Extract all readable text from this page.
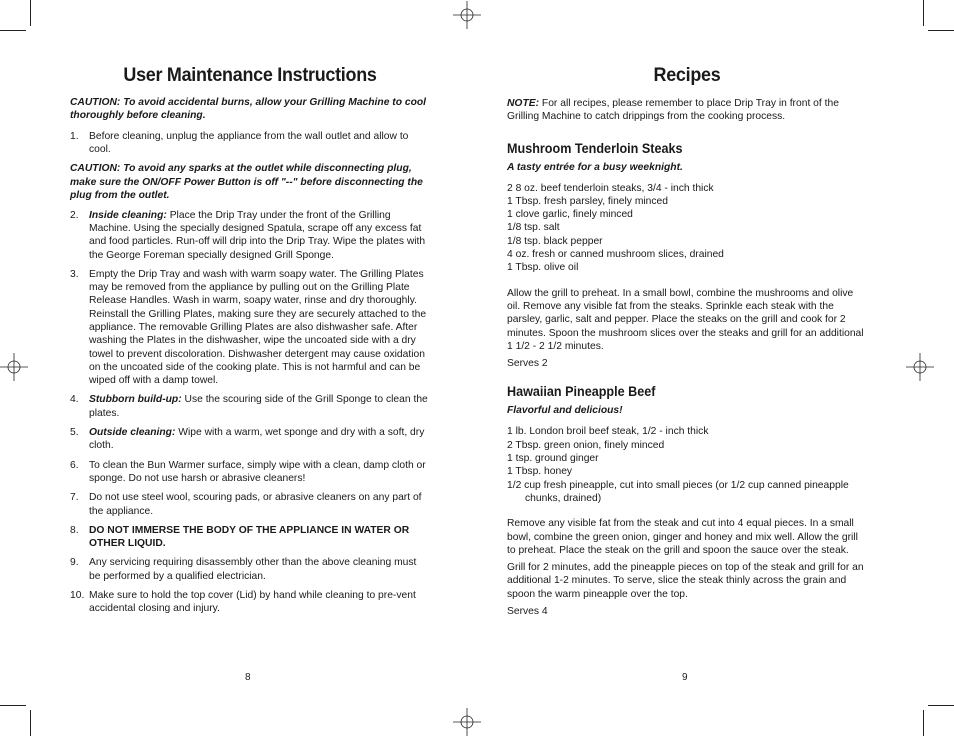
User Maintenance Instructions

CAUTION: To avoid accidental burns, allow your Grilling Machine to cool thoroughly before cleaning.

1. Before cleaning, unplug the appliance from the wall outlet and allow to cool.

CAUTION: To avoid any sparks at the outlet while disconnecting plug, make sure the ON/OFF Power Button is off "--" before disconnecting the plug from the outlet.

2. Inside cleaning: Place the Drip Tray under the front of the Grilling Machine. Using the specially designed Spatula, scrape off any excess fat and food particles. Run-off will drip into the Drip Tray. Wipe the plates with the George Foreman specially designed Grill Sponge.

3. Empty the Drip Tray and wash with warm soapy water. The Grilling Plates may be removed from the appliance by pulling out on the Grilling Plate Release Handles. Wash in warm, soapy water, rinse and dry thoroughly. Reinstall the Grilling Plates, making sure they are securely attached to the appliance. The removable Grilling Plates are also dishwasher safe. After washing the Plates in the dishwasher, wipe the uncoated side with a dry towel to prevent discoloration. Dishwasher detergent may cause oxidation on the uncoated side of the cooking plate. This is not harmful and can be wiped off with a damp towel.

4. Stubborn build-up: Use the scouring side of the Grill Sponge to clean the plates.

5. Outside cleaning: Wipe with a warm, wet sponge and dry with a soft, dry cloth.

6. To clean the Bun Warmer surface, simply wipe with a clean, damp cloth or sponge. Do not use harsh or abrasive cleaners!

7. Do not use steel wool, scouring pads, or abrasive cleaners on any part of the appliance.

8. DO NOT IMMERSE THE BODY OF THE APPLIANCE IN WATER OR OTHER LIQUID.

9. Any servicing requiring disassembly other than the above cleaning must be performed by a qualified electrician.

10. Make sure to hold the top cover (Lid) by hand while cleaning to pre-vent accidental closing and injury.

8
Recipes

NOTE: For all recipes, please remember to place Drip Tray in front of the Grilling Machine to catch drippings from the cooking process.

Mushroom Tenderloin Steaks

A tasty entrée for a busy weeknight.

2 8 oz. beef tenderloin steaks, 3/4 - inch thick

1 Tbsp. fresh parsley, finely minced

1 clove garlic, finely minced

1/8 tsp. salt

1/8 tsp. black pepper

4 oz. fresh or canned mushroom slices, drained

1 Tbsp. olive oil

Allow the grill to preheat. In a small bowl, combine the mushrooms and olive oil. Remove any visible fat from the steaks. Sprinkle each steak with the parsley, garlic, salt and pepper. Place the steaks on the grill and cook for 2 minutes. Spoon the mushroom slices over the steaks and grill for an additional 1 1/2 - 2 1/2 minutes.

Serves 2

Hawaiian Pineapple Beef

Flavorful and delicious!

1 lb. London broil beef steak, 1/2 - inch thick

2 Tbsp. green onion, finely minced

1 tsp. ground ginger

1 Tbsp. honey

1/2 cup fresh pineapple, cut into small pieces (or 1/2 cup canned pineapple chunks, drained)

Remove any visible fat from the steak and cut into 4 equal pieces. In a small bowl, combine the green onion, ginger and honey and mix well. Allow the grill to preheat. Place the steak on the grill and spoon the sauce over the steak.

Grill for 2 minutes, add the pineapple pieces on top of the steak and grill for an additional 1-2 minutes. To serve, slice the steak thinly across the grain and spoon the warm pineapple over the top.

Serves 4

9
